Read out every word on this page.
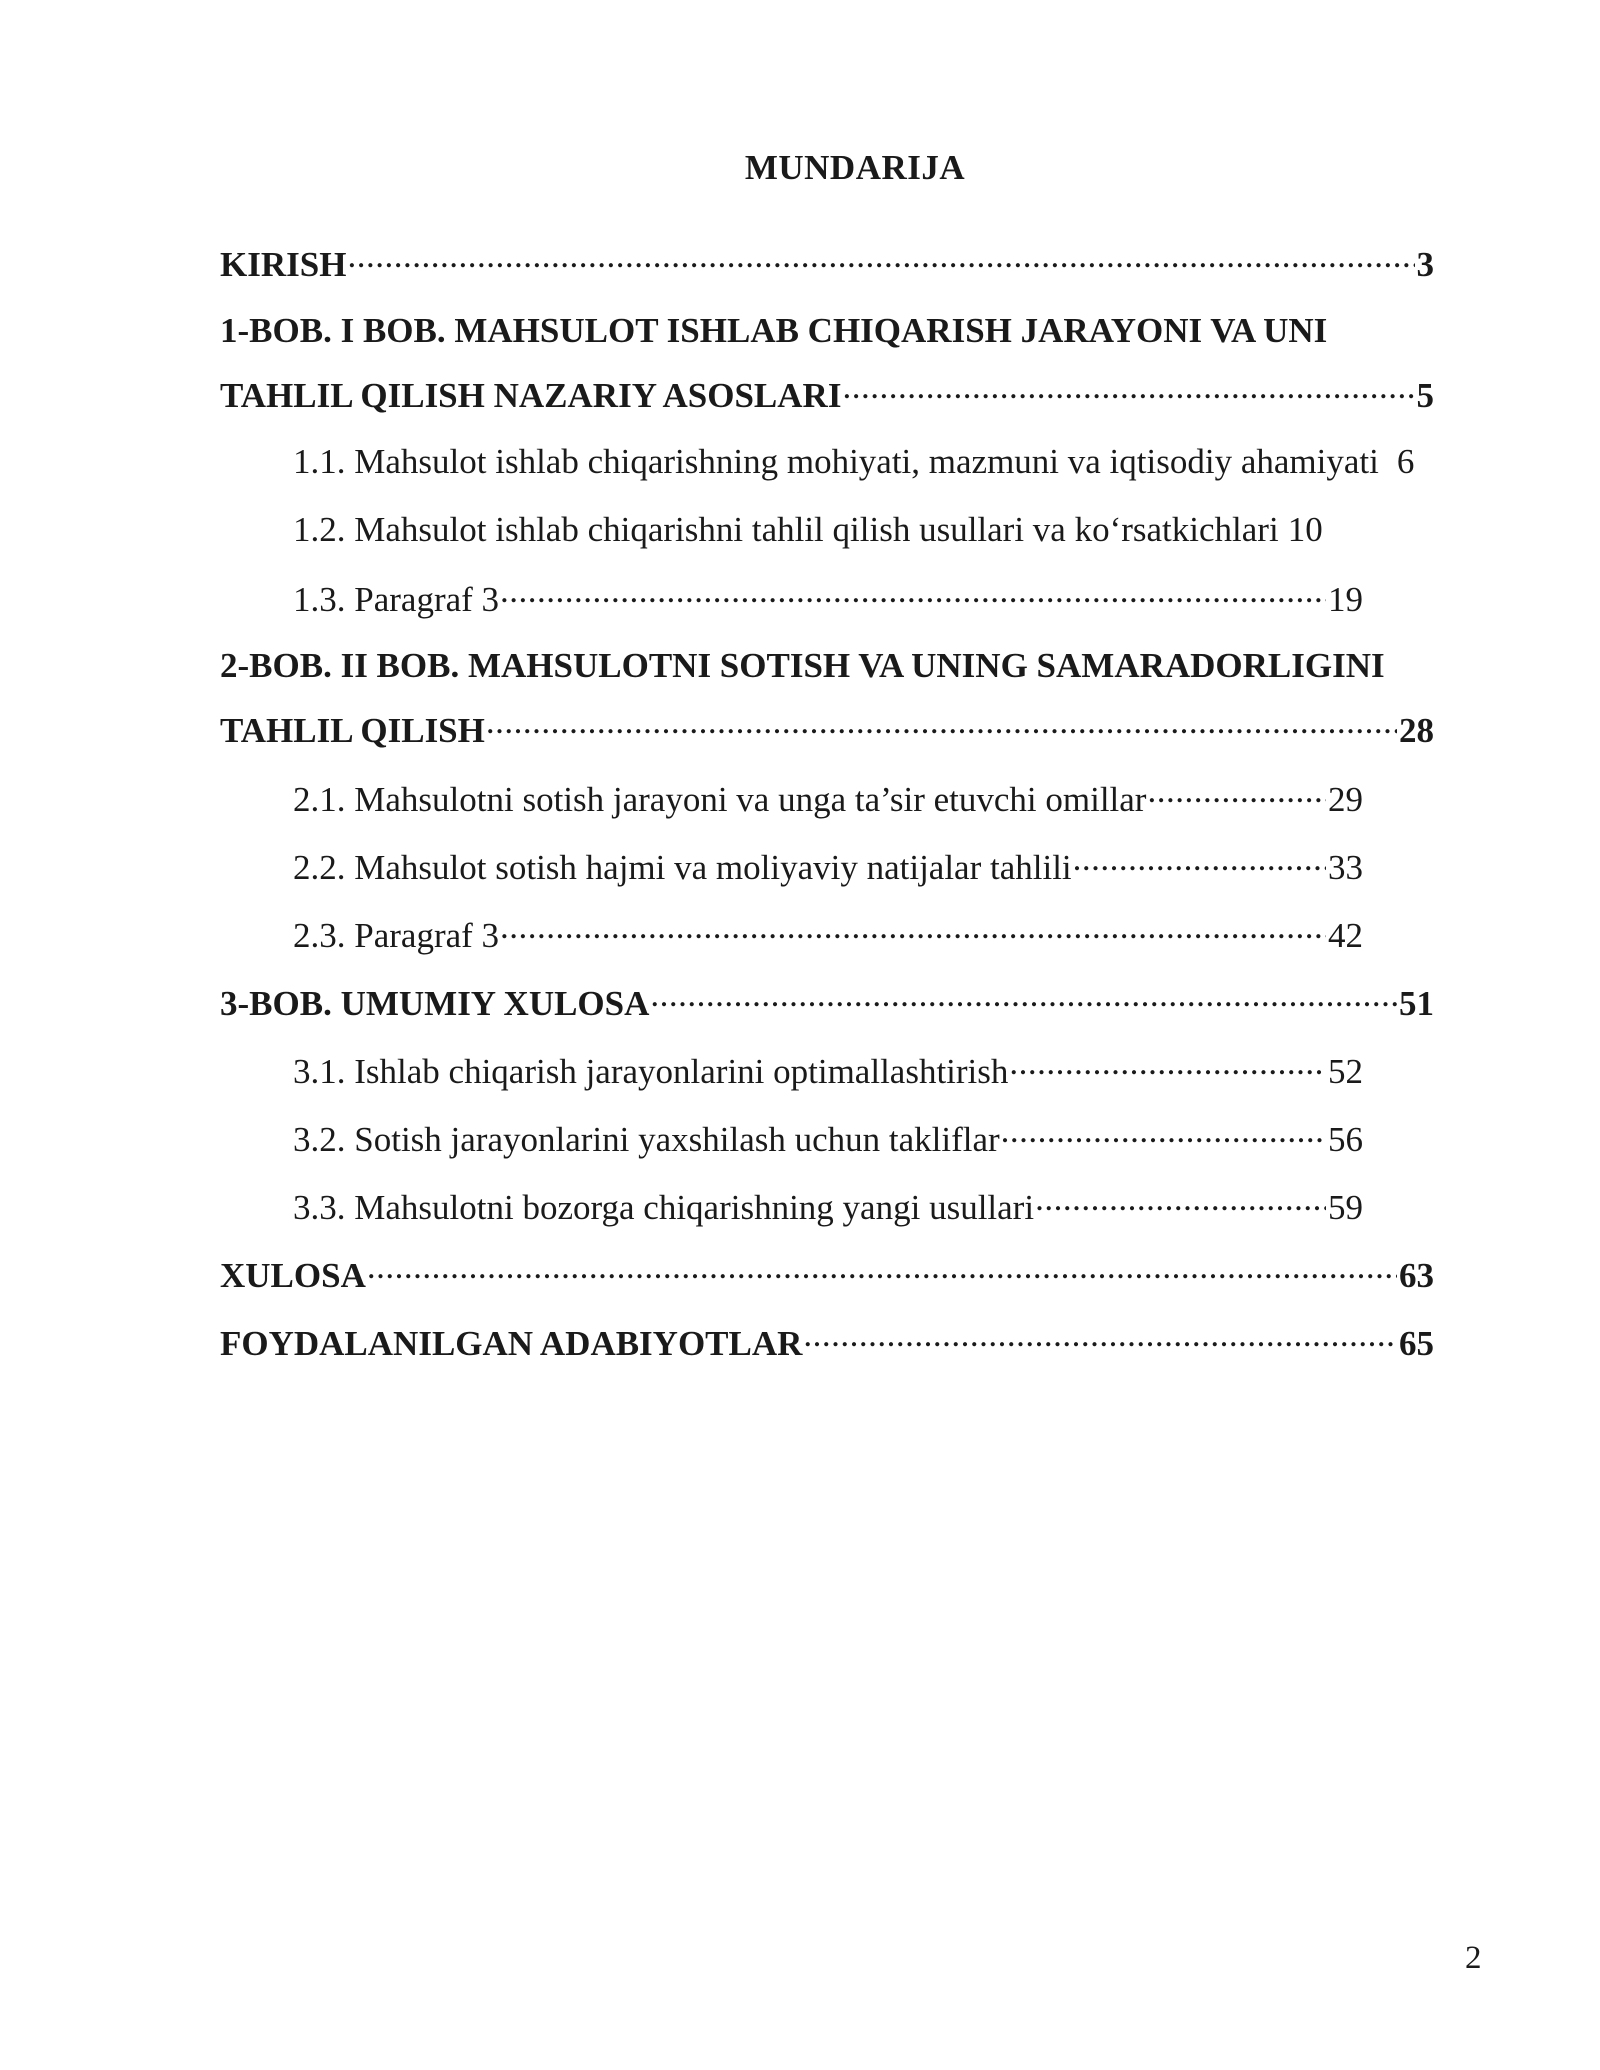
MUNDARIJA
KIRISH .....	3
1-BOB. I BOB. MAHSULOT ISHLAB CHIQARISH JARAYONI VA UNI
TAHLIL QILISH NAZARIY ASOSLARI .....	5
1.1. Mahsulot ishlab chiqarishning mohiyati, mazmuni va iqtisodiy ahamiyati 6
1.2. Mahsulot ishlab chiqarishni tahlil qilish usullari va ko‘rsatkichlari 10
1.3. Paragraf 3 .....	19
2-BOB. II BOB. MAHSULOTNI SOTISH VA UNING SAMARADORLIGINI
TAHLIL QILISH .....	28
2.1. Mahsulotni sotish jarayoni va unga ta’sir etuvchi omillar .....	29
2.2. Mahsulot sotish hajmi va moliyaviy natijalar tahlili .....	33
2.3. Paragraf 3 .....	42
3-BOB. UMUMIY XULOSA .....	51
3.1. Ishlab chiqarish jarayonlarini optimallashtirish .....	52
3.2. Sotish jarayonlarini yaxshilash uchun takliflar .....	56
3.3. Mahsulotni bozorga chiqarishning yangi usullari .....	59
XULOSA .....	63
FOYDALANILGAN ADABIYOTLAR .....	65
2
